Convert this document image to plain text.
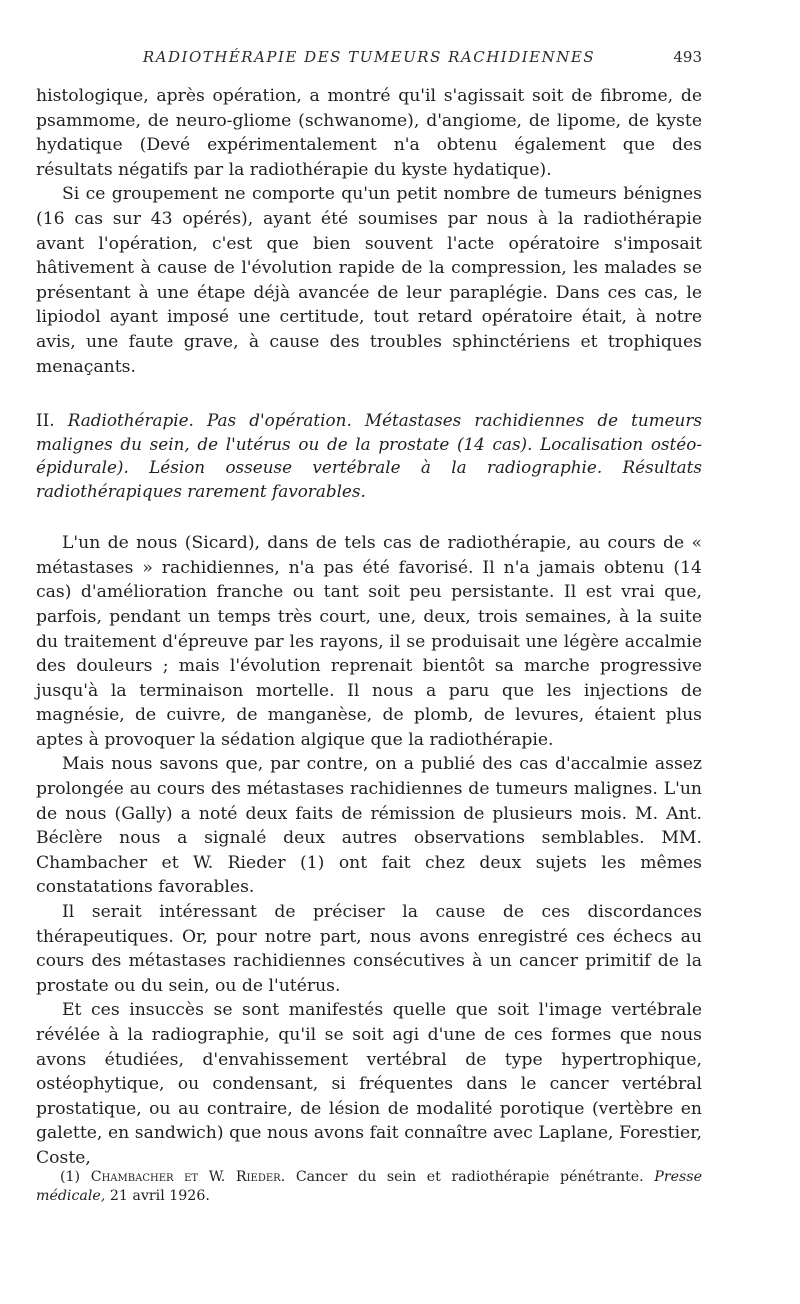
RADIOTHÉRAPIE DES TUMEURS RACHIDIENNES	493

histologique, après opération, a montré qu'il s'agissait soit de fibrome, de psammome, de neuro-gliome (schwanome), d'angiome, de lipome, de kyste hydatique (Devé expérimentalement n'a obtenu également que des résultats négatifs par la radiothérapie du kyste hydatique).

Si ce groupement ne comporte qu'un petit nombre de tumeurs bénignes (16 cas sur 43 opérés), ayant été soumises par nous à la radiothérapie avant l'opération, c'est que bien souvent l'acte opératoire s'imposait hâtivement à cause de l'évolution rapide de la compression, les malades se présentant à une étape déjà avancée de leur paraplégie. Dans ces cas, le lipiodol ayant imposé une certitude, tout retard opératoire était, à notre avis, une faute grave, à cause des troubles sphinctériens et trophiques menaçants.

II. Radiothérapie. Pas d'opération. Métastases rachidiennes de tumeurs malignes du sein, de l'utérus ou de la prostate (14 cas). Localisation ostéo-épidurale). Lésion osseuse vertébrale à la radiographie. Résultats radiothérapiques rarement favorables.

L'un de nous (Sicard), dans de tels cas de radiothérapie, au cours de « métastases » rachidiennes, n'a pas été favorisé. Il n'a jamais obtenu (14 cas) d'amélioration franche ou tant soit peu persistante. Il est vrai que, parfois, pendant un temps très court, une, deux, trois semaines, à la suite du traitement d'épreuve par les rayons, il se produisait une légère accalmie des douleurs ; mais l'évolution reprenait bientôt sa marche progressive jusqu'à la terminaison mortelle. Il nous a paru que les injections de magnésie, de cuivre, de manganèse, de plomb, de levures, étaient plus aptes à provoquer la sédation algique que la radiothérapie.

Mais nous savons que, par contre, on a publié des cas d'accalmie assez prolongée au cours des métastases rachidiennes de tumeurs malignes. L'un de nous (Gally) a noté deux faits de rémission de plusieurs mois. M. Ant. Béclère nous a signalé deux autres observations semblables. MM. Chambacher et W. Rieder (1) ont fait chez deux sujets les mêmes constatations favorables.

Il serait intéressant de préciser la cause de ces discordances thérapeutiques. Or, pour notre part, nous avons enregistré ces échecs au cours des métastases rachidiennes consécutives à un cancer primitif de la prostate ou du sein, ou de l'utérus.

Et ces insuccès se sont manifestés quelle que soit l'image vertébrale révélée à la radiographie, qu'il se soit agi d'une de ces formes que nous avons étudiées, d'envahissement vertébral de type hypertrophique, ostéophytique, ou condensant, si fréquentes dans le cancer vertébral prostatique, ou au contraire, de lésion de modalité porotique (vertèbre en galette, en sandwich) que nous avons fait connaître avec Laplane, Forestier, Coste,

(1) Chambacher et W. Rieder. Cancer du sein et radiothérapie pénétrante. Presse médicale, 21 avril 1926.
